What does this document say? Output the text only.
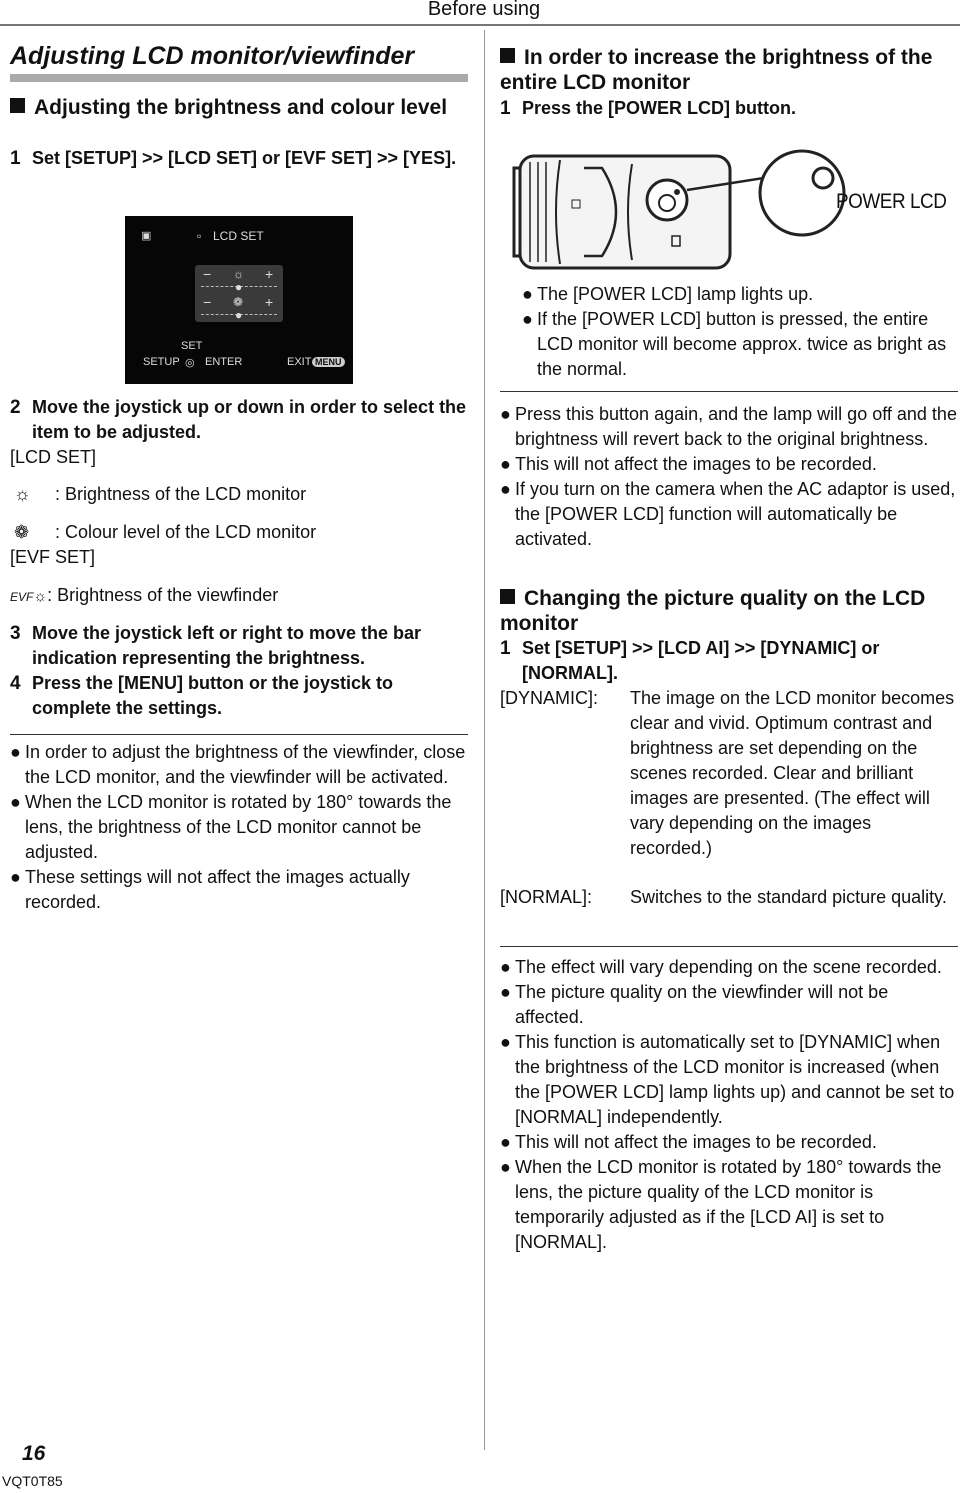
Before using
Adjusting LCD monitor/viewfinder
Adjusting the brightness and colour level
1 Set [SETUP] >> [LCD SET] or [EVF SET] >> [YES].
▣	▫ LCD SET
− ☼ +
●
− ❁ +
●
SET
SETUP ◎ ENTER	EXIT MENU
2 Move the joystick up or down in order to select the item to be adjusted.
[LCD SET]
☼ : Brightness of the LCD monitor
❁ : Colour level of the LCD monitor
[EVF SET]
EVF☼: Brightness of the viewfinder
3 Move the joystick left or right to move the bar indication representing the brightness.
4 Press the [MENU] button or the joystick to complete the settings.
● In order to adjust the brightness of the viewfinder, close the LCD monitor, and the viewfinder will be activated.
● When the LCD monitor is rotated by 180° towards the lens, the brightness of the LCD monitor cannot be adjusted.
● These settings will not affect the images actually recorded.
In order to increase the brightness of the entire LCD monitor
1 Press the [POWER LCD] button.
POWER LCD
● The [POWER LCD] lamp lights up.
● If the [POWER LCD] button is pressed, the entire LCD monitor will become approx. twice as bright as the normal.
● Press this button again, and the lamp will go off and the brightness will revert back to the original brightness.
● This will not affect the images to be recorded.
● If you turn on the camera when the AC adaptor is used, the [POWER LCD] function will automatically be activated.
Changing the picture quality on the LCD monitor
1 Set [SETUP] >> [LCD AI] >> [DYNAMIC] or [NORMAL].
[DYNAMIC]: The image on the LCD monitor becomes clear and vivid. Optimum contrast and brightness are set depending on the scenes recorded. Clear and brilliant images are presented. (The effect will vary depending on the images recorded.)
[NORMAL]: Switches to the standard picture quality.
● The effect will vary depending on the scene recorded.
● The picture quality on the viewfinder will not be affected.
● This function is automatically set to [DYNAMIC] when the brightness of the LCD monitor is increased (when the [POWER LCD] lamp lights up) and cannot be set to [NORMAL] independently.
● This will not affect the images to be recorded.
● When the LCD monitor is rotated by 180° towards the lens, the picture quality of the LCD monitor is temporarily adjusted as if the [LCD AI] is set to [NORMAL].
16
VQT0T85
